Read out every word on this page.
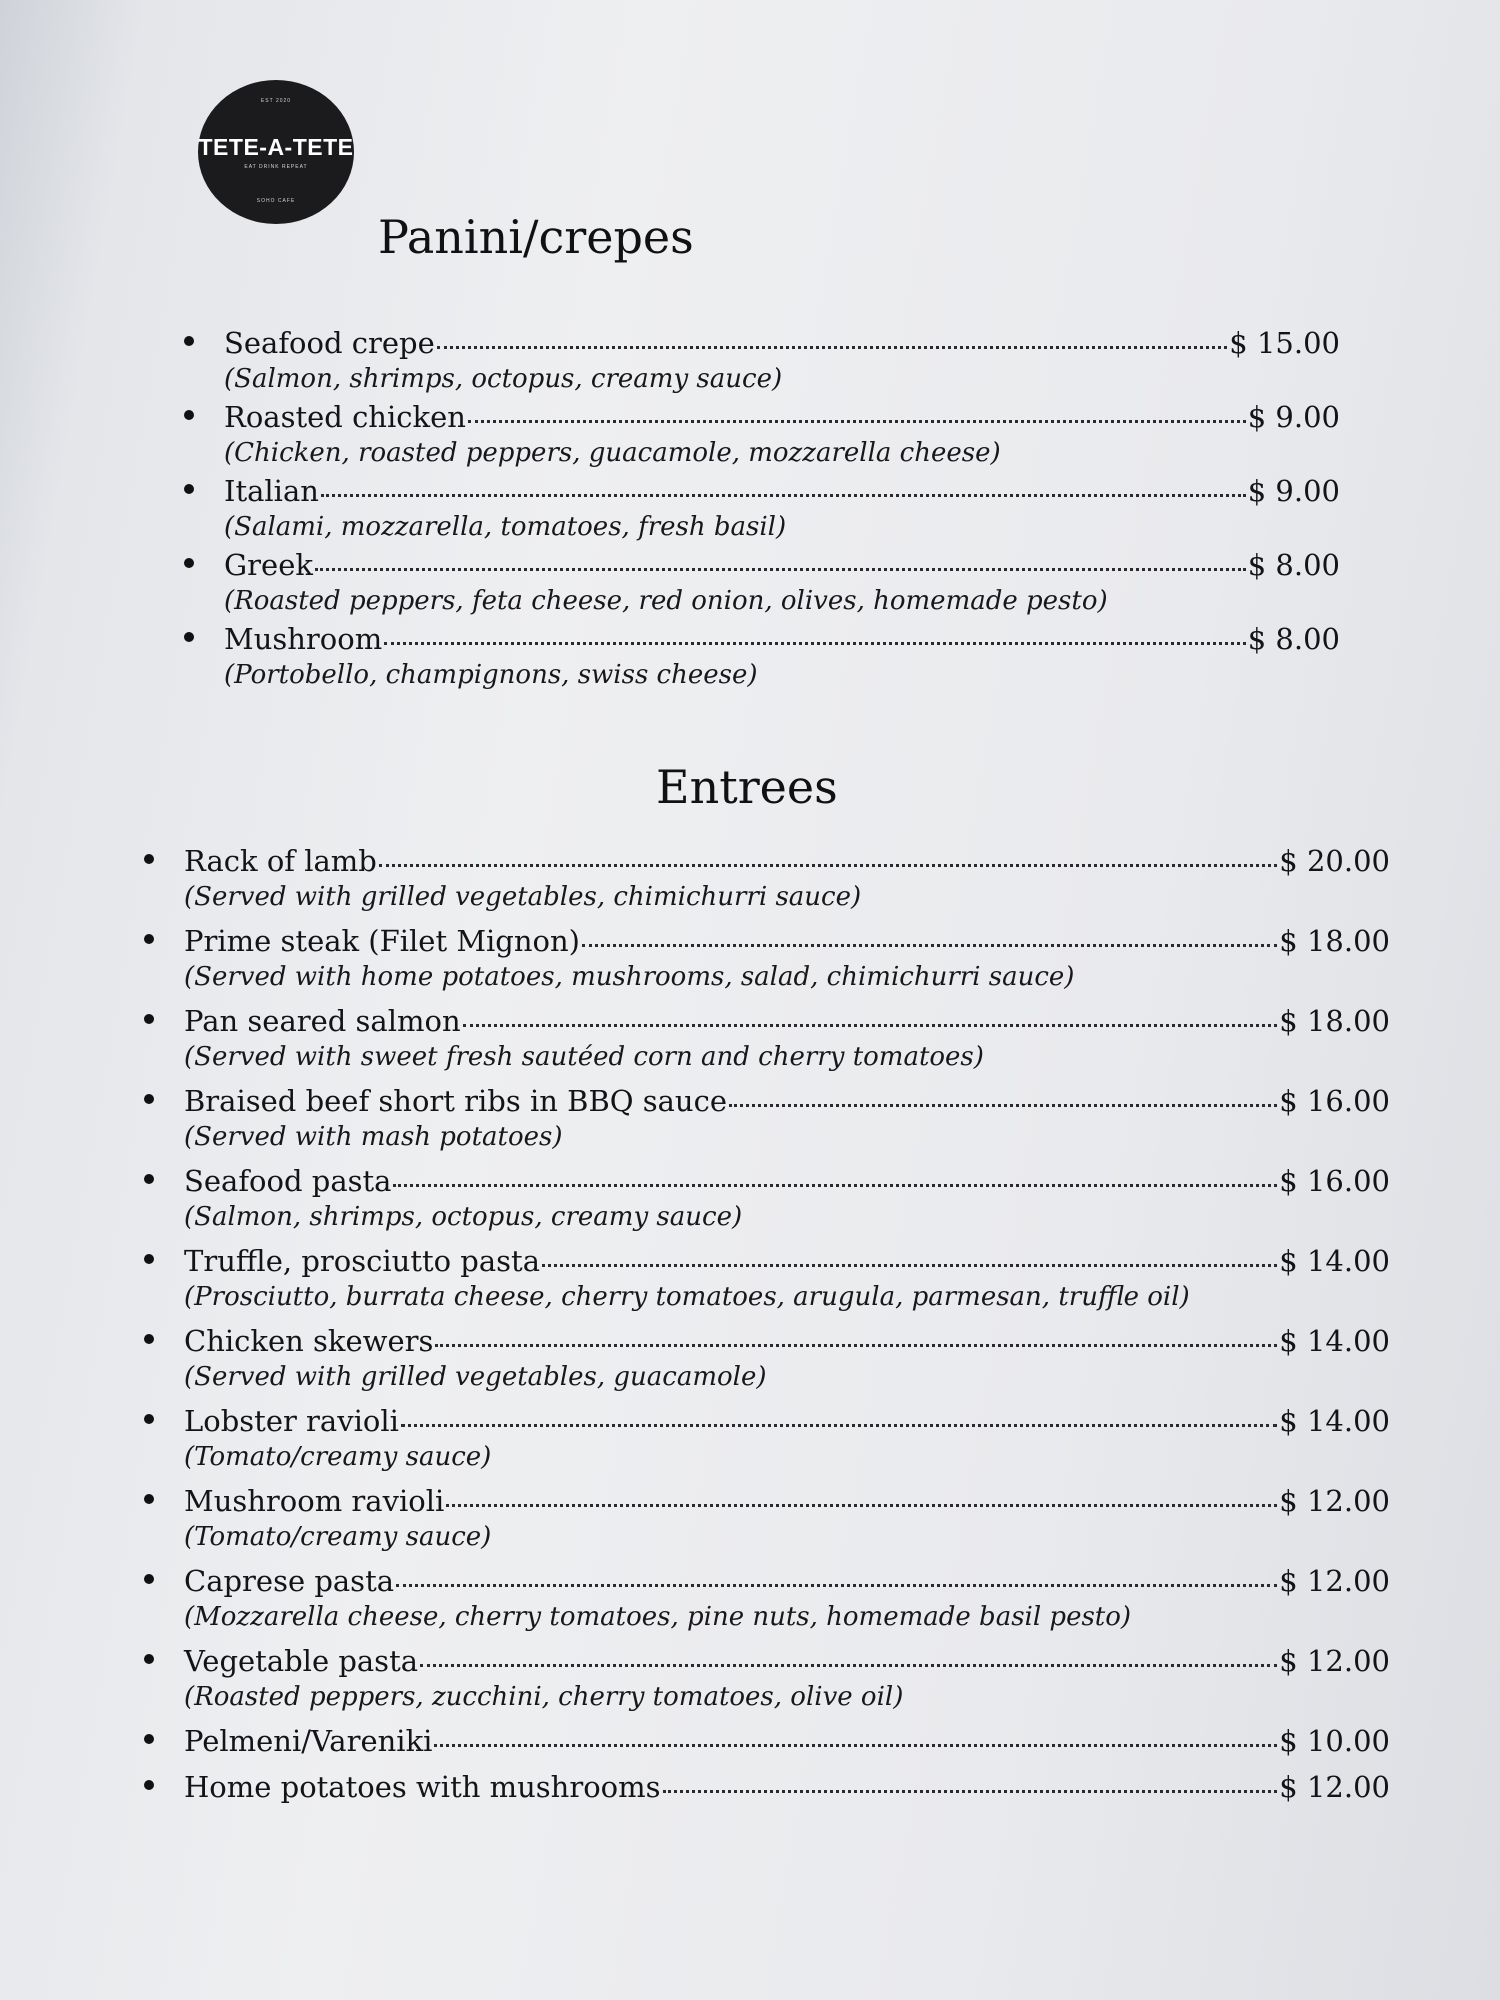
EST 2020
TETE-A-TETE
EAT DRINK REPEAT
SOHO CAFE
Panini/crepes
Seafood crepe	$ 15.00
(Salmon, shrimps, octopus, creamy sauce)
Roasted chicken	$ 9.00
(Chicken, roasted peppers, guacamole, mozzarella cheese)
Italian	$ 9.00
(Salami, mozzarella, tomatoes, fresh basil)
Greek	$ 8.00
(Roasted peppers, feta cheese, red onion, olives, homemade pesto)
Mushroom	$ 8.00
(Portobello, champignons, swiss cheese)
Entrees
Rack of lamb	$ 20.00
(Served with grilled vegetables, chimichurri sauce)
Prime steak (Filet Mignon)	$ 18.00
(Served with home potatoes, mushrooms, salad, chimichurri sauce)
Pan seared salmon	$ 18.00
(Served with sweet fresh sautéed corn and cherry tomatoes)
Braised beef short ribs in BBQ sauce	$ 16.00
(Served with mash potatoes)
Seafood pasta	$ 16.00
(Salmon, shrimps, octopus, creamy sauce)
Truffle, prosciutto pasta	$ 14.00
(Prosciutto, burrata cheese, cherry tomatoes, arugula, parmesan, truffle oil)
Chicken skewers	$ 14.00
(Served with grilled vegetables, guacamole)
Lobster ravioli	$ 14.00
(Tomato/creamy sauce)
Mushroom ravioli	$ 12.00
(Tomato/creamy sauce)
Caprese pasta	$ 12.00
(Mozzarella cheese, cherry tomatoes, pine nuts, homemade basil pesto)
Vegetable pasta	$ 12.00
(Roasted peppers, zucchini, cherry tomatoes, olive oil)
Pelmeni/Vareniki	$ 10.00
Home potatoes with mushrooms	$ 12.00
